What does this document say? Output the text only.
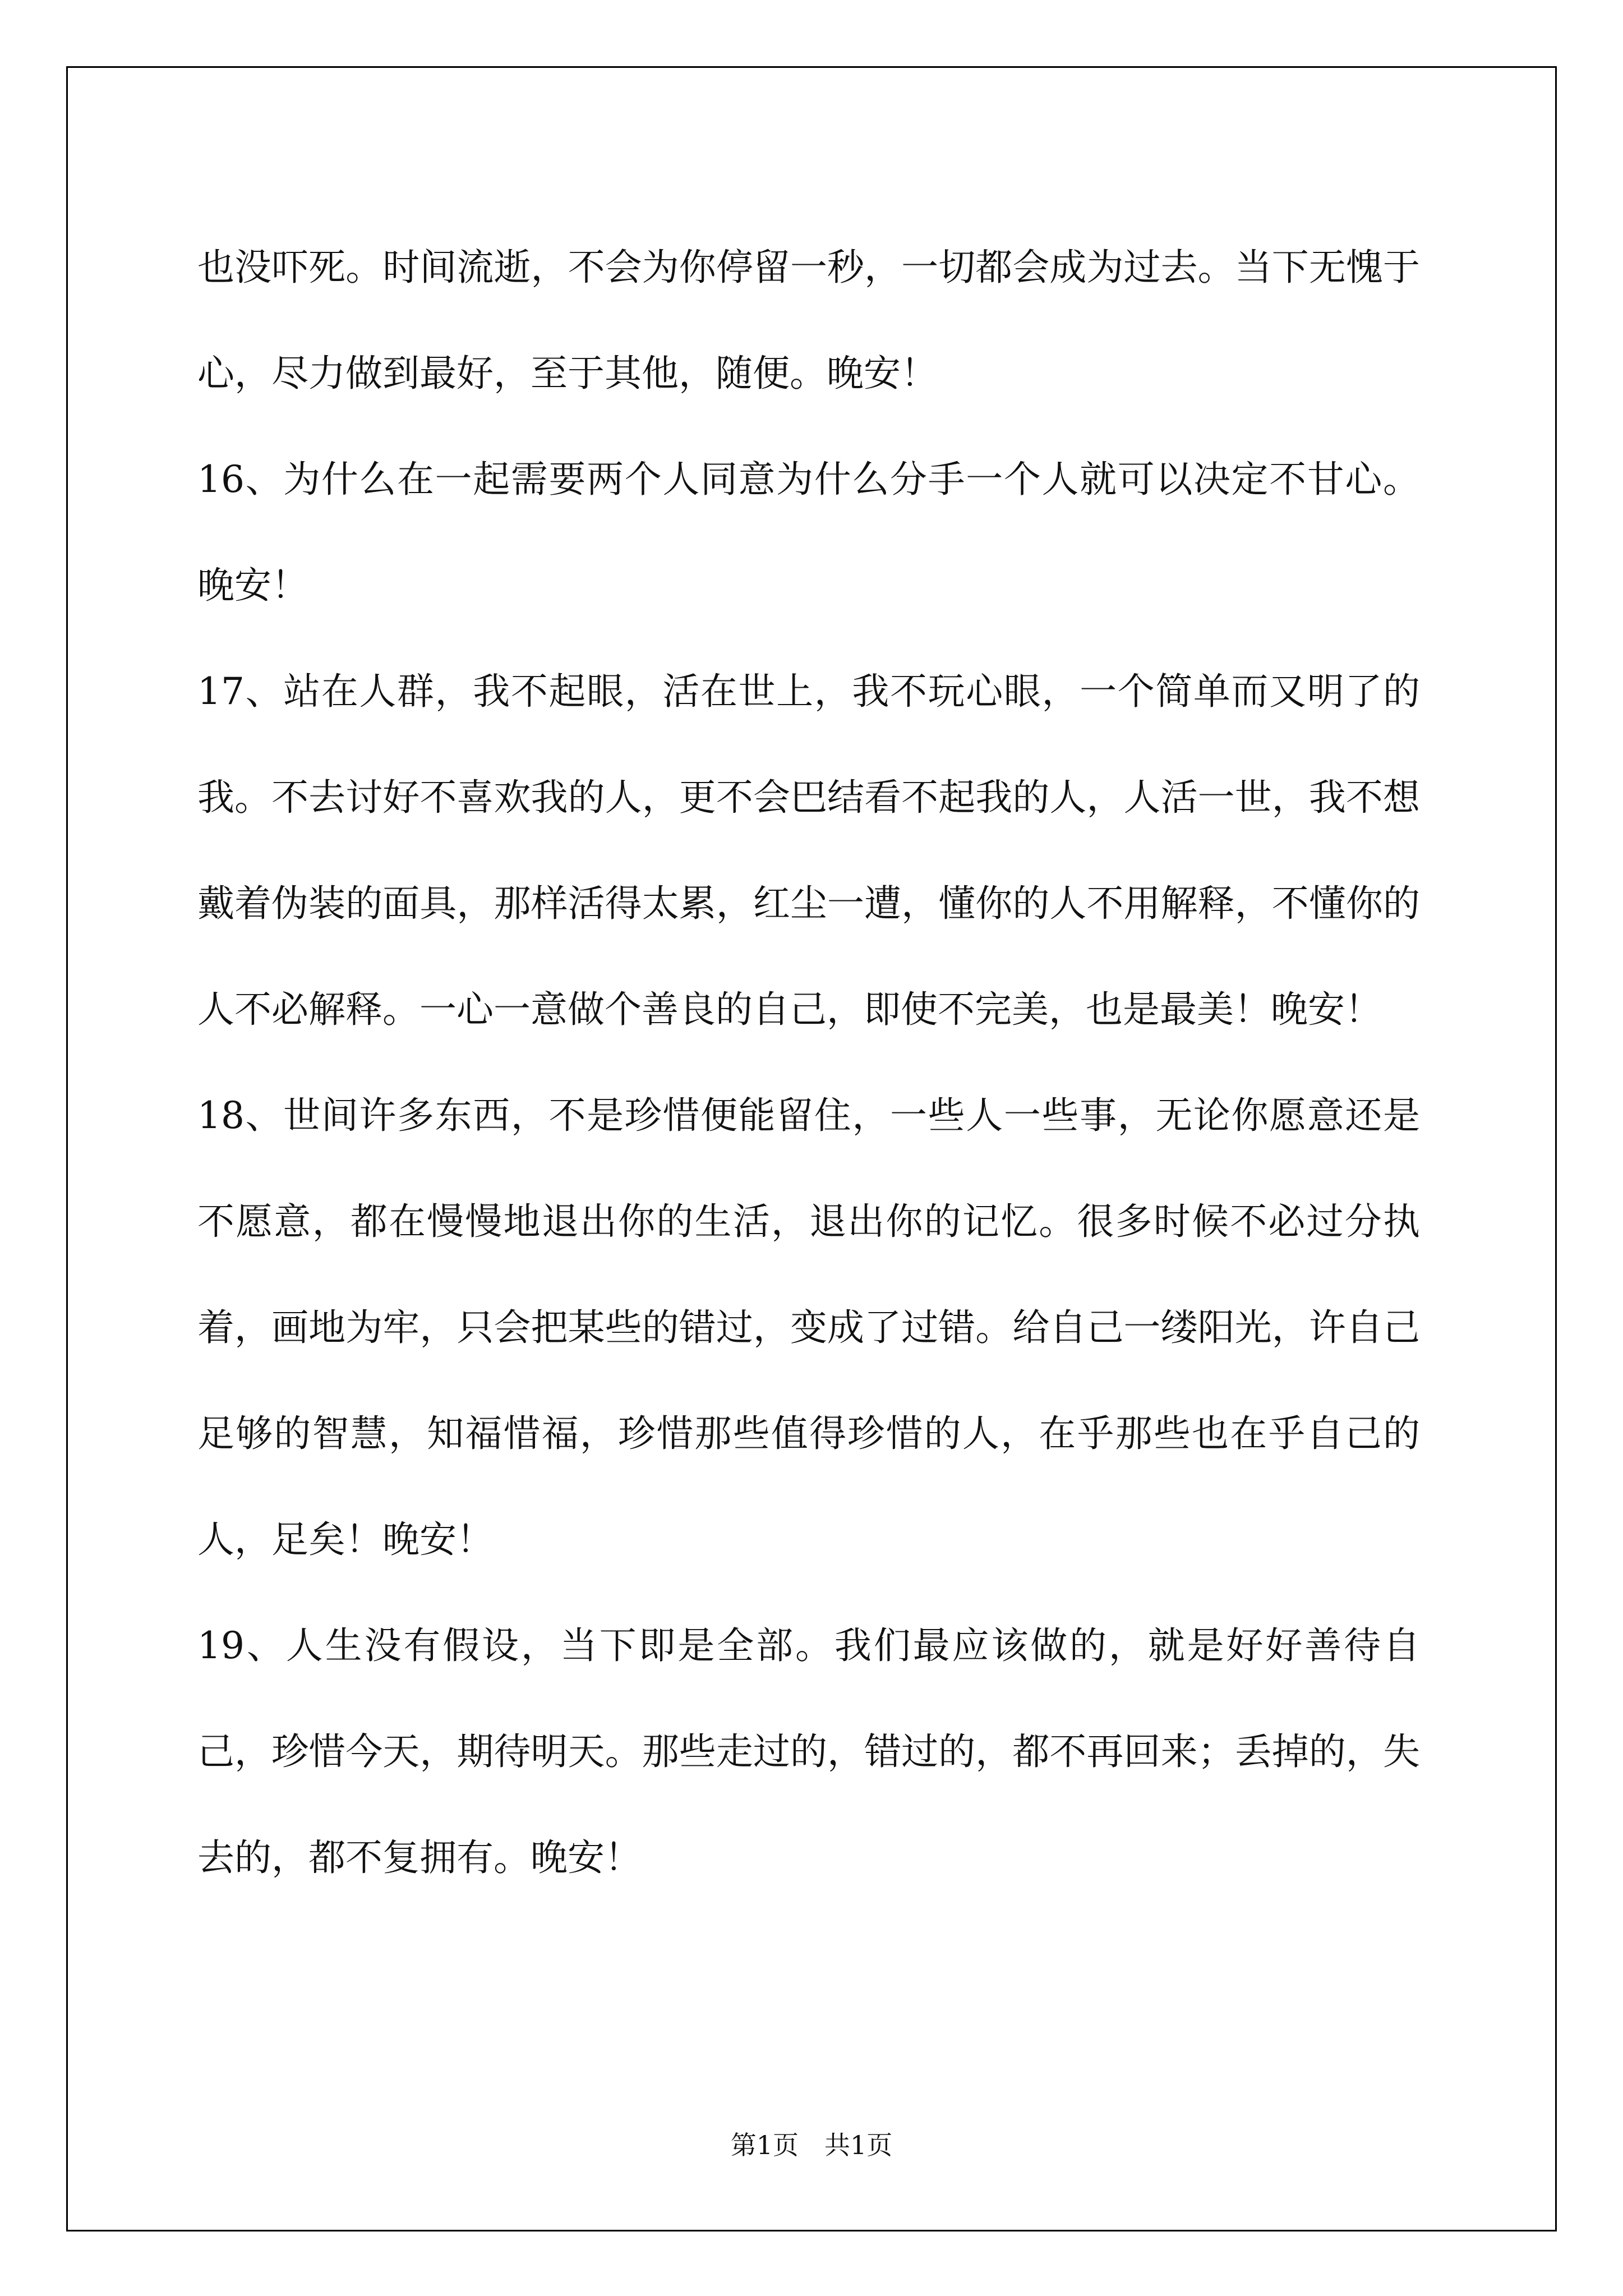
也没吓死。时间流逝，不会为你停留一秒，一切都会成为过去。当下无愧于心，尽力做到最好，至于其他，随便。晚安！

16、为什么在一起需要两个人同意为什么分手一个人就可以决定不甘心。晚安！

17、站在人群，我不起眼，活在世上，我不玩心眼，一个简单而又明了的我。不去讨好不喜欢我的人，更不会巴结看不起我的人，人活一世，我不想戴着伪装的面具，那样活得太累，红尘一遭，懂你的人不用解释，不懂你的人不必解释。一心一意做个善良的自己，即使不完美，也是最美！晚安！

18、世间许多东西，不是珍惜便能留住，一些人一些事，无论你愿意还是不愿意，都在慢慢地退出你的生活，退出你的记忆。很多时候不必过分执着，画地为牢，只会把某些的错过，变成了过错。给自己一缕阳光，许自己足够的智慧，知福惜福，珍惜那些值得珍惜的人，在乎那些也在乎自己的人，足矣！晚安！

19、人生没有假设，当下即是全部。我们最应该做的，就是好好善待自己，珍惜今天，期待明天。那些走过的，错过的，都不再回来；丢掉的，失去的，都不复拥有。晚安！

第1页　共1页
